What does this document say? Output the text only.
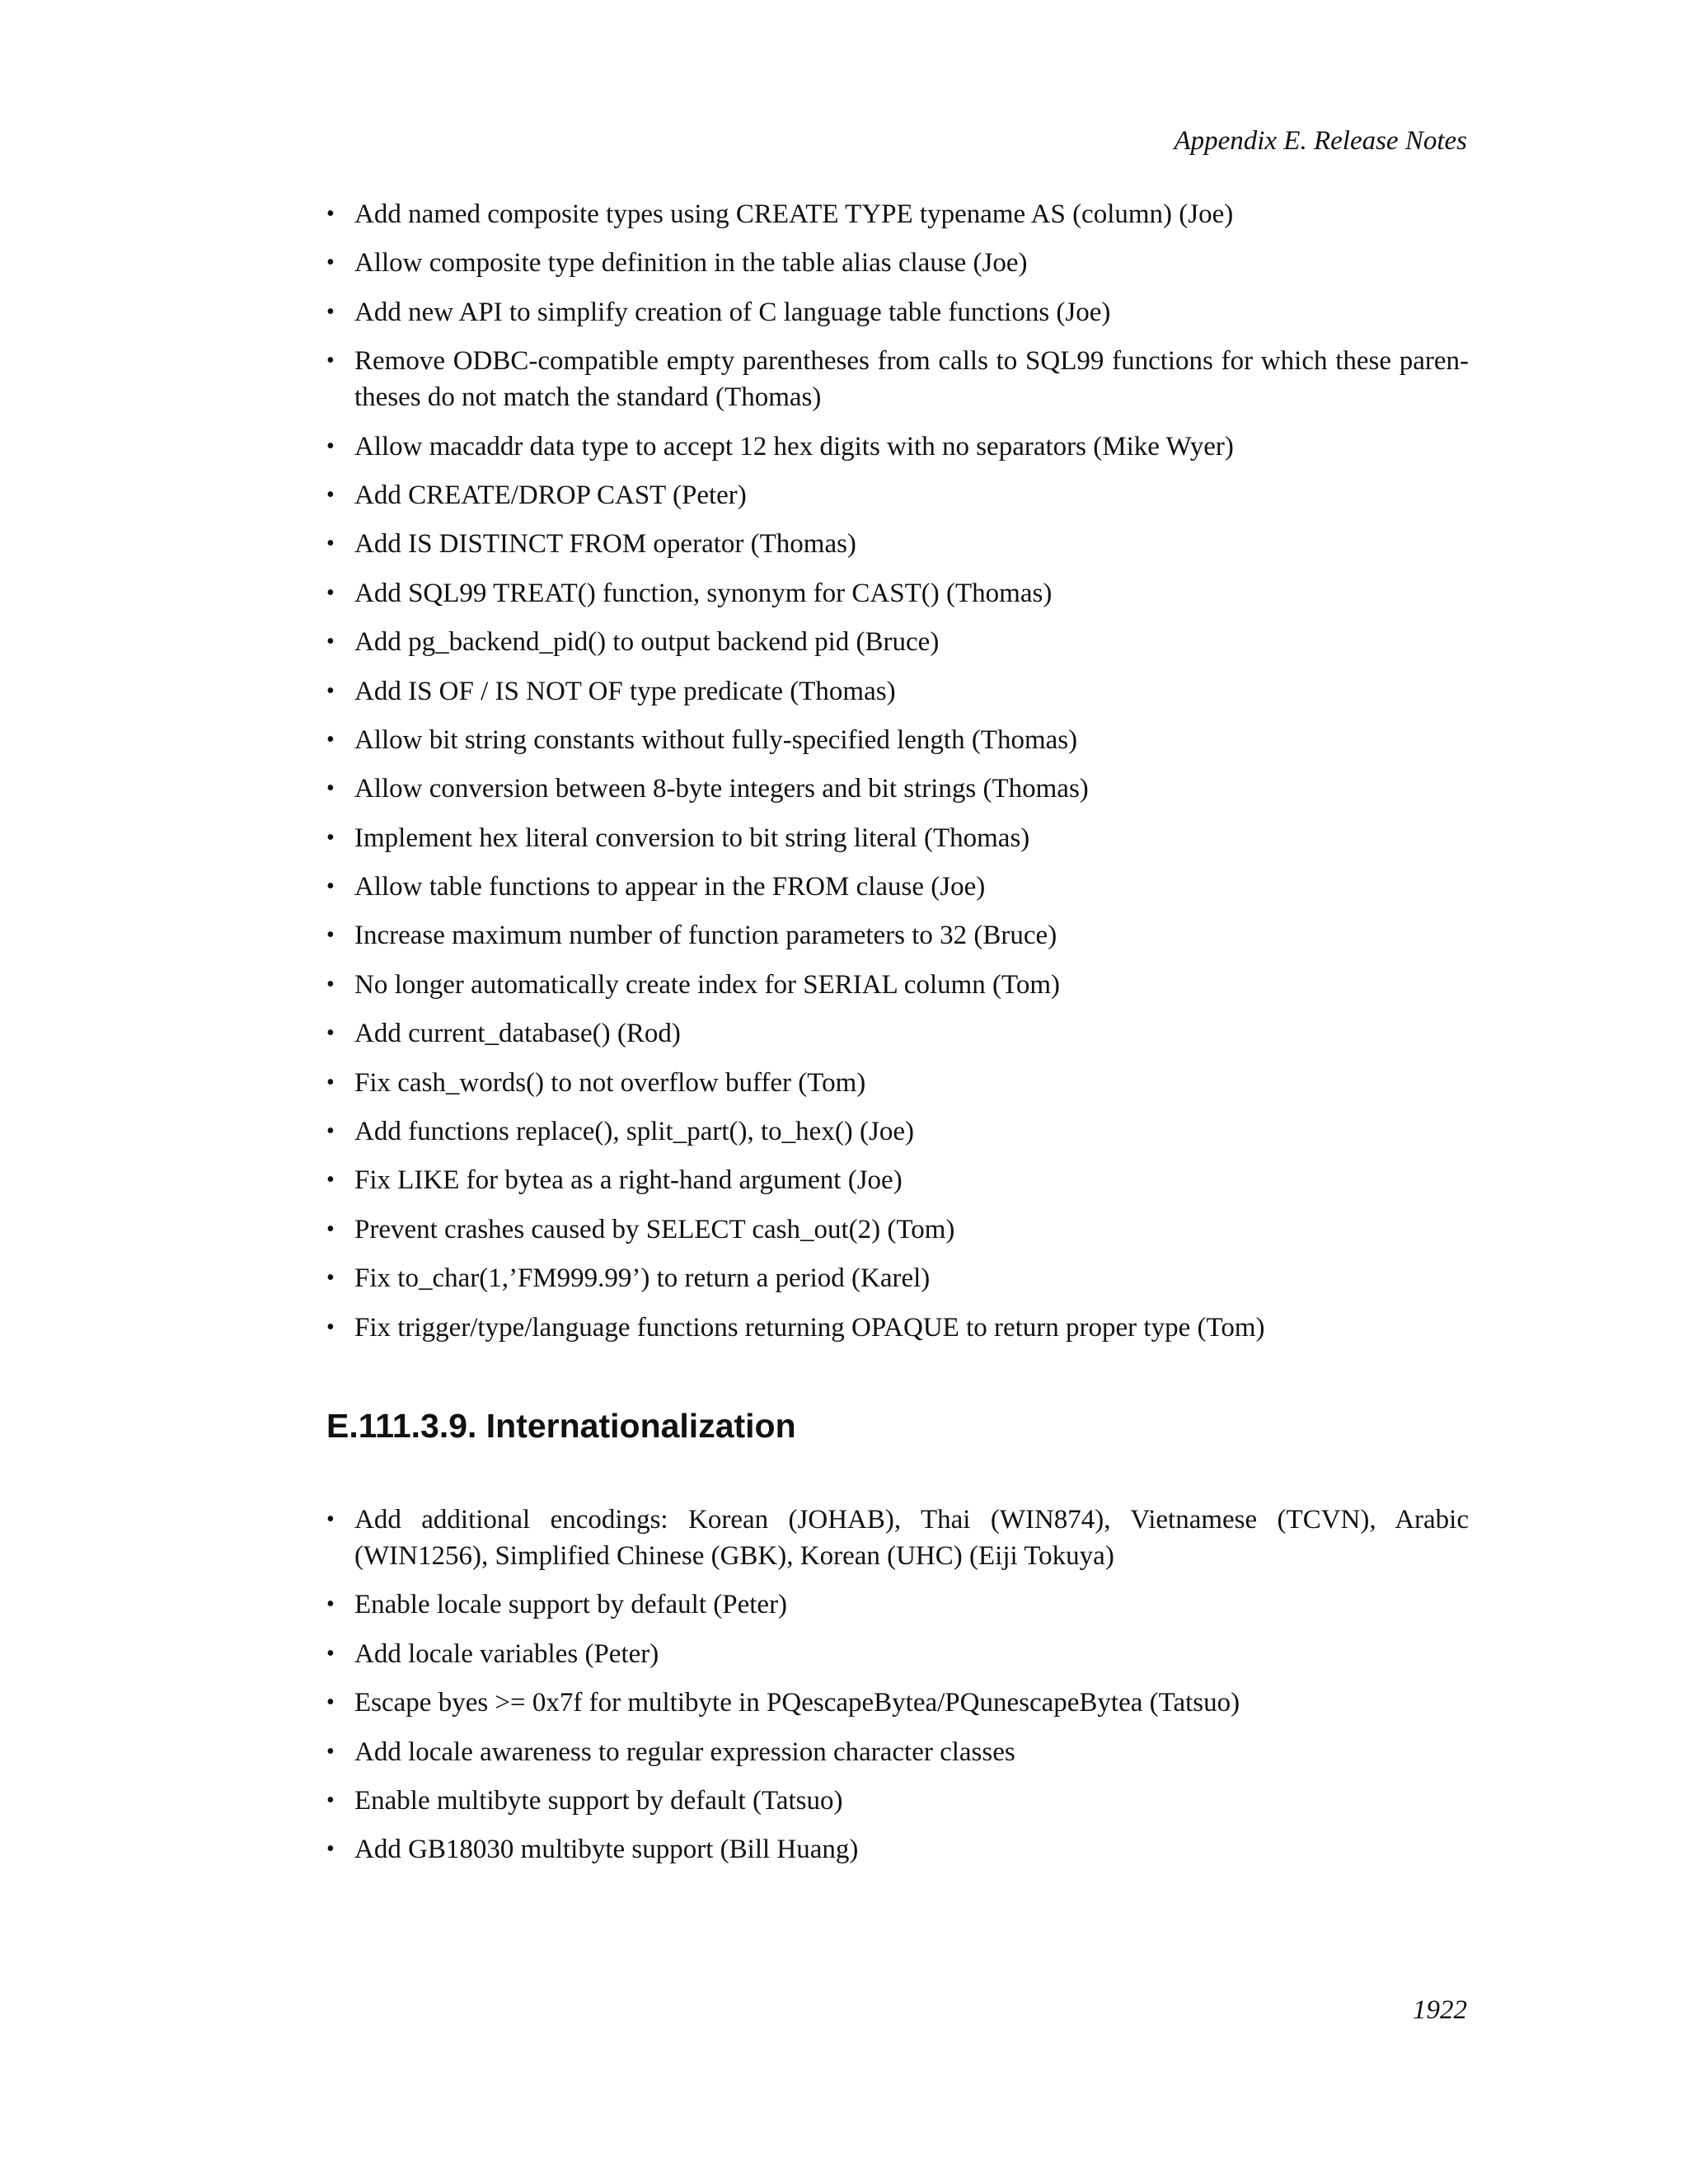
Appendix E. Release Notes
• Add named composite types using CREATE TYPE typename AS (column) (Joe)
• Allow composite type definition in the table alias clause (Joe)
• Add new API to simplify creation of C language table functions (Joe)
• Remove ODBC-compatible empty parentheses from calls to SQL99 functions for which these paren- theses do not match the standard (Thomas)
• Allow macaddr data type to accept 12 hex digits with no separators (Mike Wyer)
• Add CREATE/DROP CAST (Peter)
• Add IS DISTINCT FROM operator (Thomas)
• Add SQL99 TREAT() function, synonym for CAST() (Thomas)
• Add pg_backend_pid() to output backend pid (Bruce)
• Add IS OF / IS NOT OF type predicate (Thomas)
• Allow bit string constants without fully-specified length (Thomas)
• Allow conversion between 8-byte integers and bit strings (Thomas)
• Implement hex literal conversion to bit string literal (Thomas)
• Allow table functions to appear in the FROM clause (Joe)
• Increase maximum number of function parameters to 32 (Bruce)
• No longer automatically create index for SERIAL column (Tom)
• Add current_database() (Rod)
• Fix cash_words() to not overflow buffer (Tom)
• Add functions replace(), split_part(), to_hex() (Joe)
• Fix LIKE for bytea as a right-hand argument (Joe)
• Prevent crashes caused by SELECT cash_out(2) (Tom)
• Fix to_char(1,’FM999.99’) to return a period (Karel)
• Fix trigger/type/language functions returning OPAQUE to return proper type (Tom)
E.111.3.9. Internationalization
• Add additional encodings: Korean (JOHAB), Thai (WIN874), Vietnamese (TCVN), Arabic (WIN1256), Simplified Chinese (GBK), Korean (UHC) (Eiji Tokuya)
• Enable locale support by default (Peter)
• Add locale variables (Peter)
• Escape byes >= 0x7f for multibyte in PQescapeBytea/PQunescapeBytea (Tatsuo)
• Add locale awareness to regular expression character classes
• Enable multibyte support by default (Tatsuo)
• Add GB18030 multibyte support (Bill Huang)
1922
